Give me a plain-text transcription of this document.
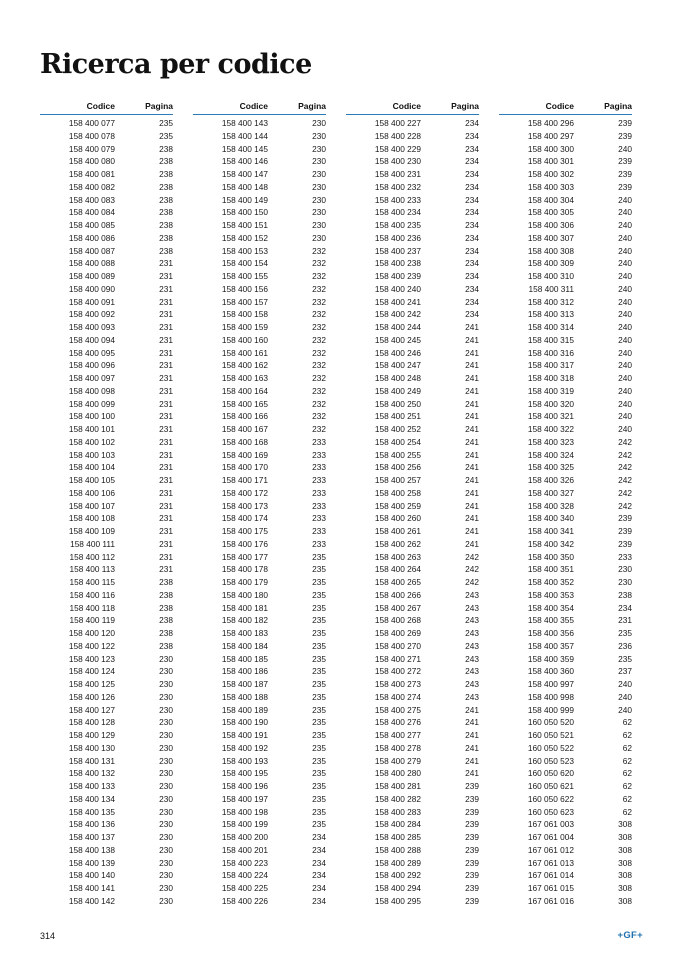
Ricerca per codice
Codice	Pagina
158 400 077	235
158 400 078	235
158 400 079	238
158 400 080	238
158 400 081	238
158 400 082	238
158 400 083	238
158 400 084	238
158 400 085	238
158 400 086	238
158 400 087	238
158 400 088	231
158 400 089	231
158 400 090	231
158 400 091	231
158 400 092	231
158 400 093	231
158 400 094	231
158 400 095	231
158 400 096	231
158 400 097	231
158 400 098	231
158 400 099	231
158 400 100	231
158 400 101	231
158 400 102	231
158 400 103	231
158 400 104	231
158 400 105	231
158 400 106	231
158 400 107	231
158 400 108	231
158 400 109	231
158 400 111	231
158 400 112	231
158 400 113	231
158 400 115	238
158 400 116	238
158 400 118	238
158 400 119	238
158 400 120	238
158 400 122	238
158 400 123	230
158 400 124	230
158 400 125	230
158 400 126	230
158 400 127	230
158 400 128	230
158 400 129	230
158 400 130	230
158 400 131	230
158 400 132	230
158 400 133	230
158 400 134	230
158 400 135	230
158 400 136	230
158 400 137	230
158 400 138	230
158 400 139	230
158 400 140	230
158 400 141	230
158 400 142	230
Codice	Pagina
158 400 143	230
158 400 144	230
158 400 145	230
158 400 146	230
158 400 147	230
158 400 148	230
158 400 149	230
158 400 150	230
158 400 151	230
158 400 152	230
158 400 153	232
158 400 154	232
158 400 155	232
158 400 156	232
158 400 157	232
158 400 158	232
158 400 159	232
158 400 160	232
158 400 161	232
158 400 162	232
158 400 163	232
158 400 164	232
158 400 165	232
158 400 166	232
158 400 167	232
158 400 168	233
158 400 169	233
158 400 170	233
158 400 171	233
158 400 172	233
158 400 173	233
158 400 174	233
158 400 175	233
158 400 176	233
158 400 177	235
158 400 178	235
158 400 179	235
158 400 180	235
158 400 181	235
158 400 182	235
158 400 183	235
158 400 184	235
158 400 185	235
158 400 186	235
158 400 187	235
158 400 188	235
158 400 189	235
158 400 190	235
158 400 191	235
158 400 192	235
158 400 193	235
158 400 195	235
158 400 196	235
158 400 197	235
158 400 198	235
158 400 199	235
158 400 200	234
158 400 201	234
158 400 223	234
158 400 224	234
158 400 225	234
158 400 226	234
Codice	Pagina
158 400 227	234
158 400 228	234
158 400 229	234
158 400 230	234
158 400 231	234
158 400 232	234
158 400 233	234
158 400 234	234
158 400 235	234
158 400 236	234
158 400 237	234
158 400 238	234
158 400 239	234
158 400 240	234
158 400 241	234
158 400 242	234
158 400 244	241
158 400 245	241
158 400 246	241
158 400 247	241
158 400 248	241
158 400 249	241
158 400 250	241
158 400 251	241
158 400 252	241
158 400 254	241
158 400 255	241
158 400 256	241
158 400 257	241
158 400 258	241
158 400 259	241
158 400 260	241
158 400 261	241
158 400 262	241
158 400 263	242
158 400 264	242
158 400 265	242
158 400 266	243
158 400 267	243
158 400 268	243
158 400 269	243
158 400 270	243
158 400 271	243
158 400 272	243
158 400 273	243
158 400 274	243
158 400 275	241
158 400 276	241
158 400 277	241
158 400 278	241
158 400 279	241
158 400 280	241
158 400 281	239
158 400 282	239
158 400 283	239
158 400 284	239
158 400 285	239
158 400 288	239
158 400 289	239
158 400 292	239
158 400 294	239
158 400 295	239
Codice	Pagina
158 400 296	239
158 400 297	239
158 400 300	240
158 400 301	239
158 400 302	239
158 400 303	239
158 400 304	240
158 400 305	240
158 400 306	240
158 400 307	240
158 400 308	240
158 400 309	240
158 400 310	240
158 400 311	240
158 400 312	240
158 400 313	240
158 400 314	240
158 400 315	240
158 400 316	240
158 400 317	240
158 400 318	240
158 400 319	240
158 400 320	240
158 400 321	240
158 400 322	240
158 400 323	242
158 400 324	242
158 400 325	242
158 400 326	242
158 400 327	242
158 400 328	242
158 400 340	239
158 400 341	239
158 400 342	239
158 400 350	233
158 400 351	230
158 400 352	230
158 400 353	238
158 400 354	234
158 400 355	231
158 400 356	235
158 400 357	236
158 400 359	235
158 400 360	237
158 400 997	240
158 400 998	240
158 400 999	240
160 050 520	62
160 050 521	62
160 050 522	62
160 050 523	62
160 050 620	62
160 050 621	62
160 050 622	62
160 050 623	62
167 061 003	308
167 061 004	308
167 061 012	308
167 061 013	308
167 061 014	308
167 061 015	308
167 061 016	308
314	+GF+
